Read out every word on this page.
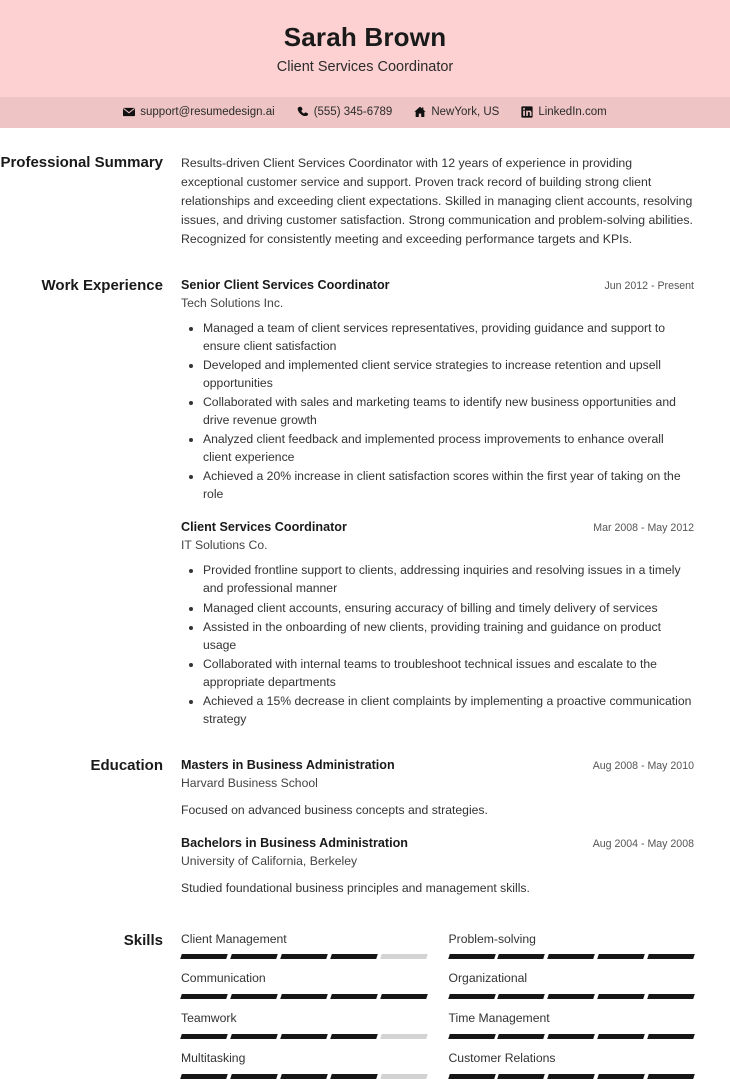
Sarah Brown
Client Services Coordinator
support@resumedesign.ai	(555) 345-6789	NewYork, US	LinkedIn.com
Professional Summary Results-driven Client Services Coordinator with 12 years of experience in providing exceptional customer service and support. Proven track record of building strong client relationships and exceeding client expectations. Skilled in managing client accounts, resolving issues, and driving customer satisfaction. Strong communication and problem-solving abilities. Recognized for consistently meeting and exceeding performance targets and KPIs.

Work Experience Senior Client Services Coordinator	Jun 2012 - Present
Tech Solutions Inc.
• Managed a team of client services representatives, providing guidance and support to ensure client satisfaction
• Developed and implemented client service strategies to increase retention and upsell opportunities
• Collaborated with sales and marketing teams to identify new business opportunities and drive revenue growth
• Analyzed client feedback and implemented process improvements to enhance overall client experience
• Achieved a 20% increase in client satisfaction scores within the first year of taking on the role
Client Services Coordinator	Mar 2008 - May 2012
IT Solutions Co.
• Provided frontline support to clients, addressing inquiries and resolving issues in a timely and professional manner
• Managed client accounts, ensuring accuracy of billing and timely delivery of services
• Assisted in the onboarding of new clients, providing training and guidance on product usage
• Collaborated with internal teams to troubleshoot technical issues and escalate to the appropriate departments
• Achieved a 15% decrease in client complaints by implementing a proactive communication strategy
Education Masters in Business Administration	Aug 2008 - May 2010
Harvard Business School
Focused on advanced business concepts and strategies.
Bachelors in Business Administration	Aug 2004 - May 2008
University of California, Berkeley
Studied foundational business principles and management skills.
Skills Client Management	Problem-solving
Communication	Organizational
Teamwork	Time Management
Multitasking	Customer Relations
